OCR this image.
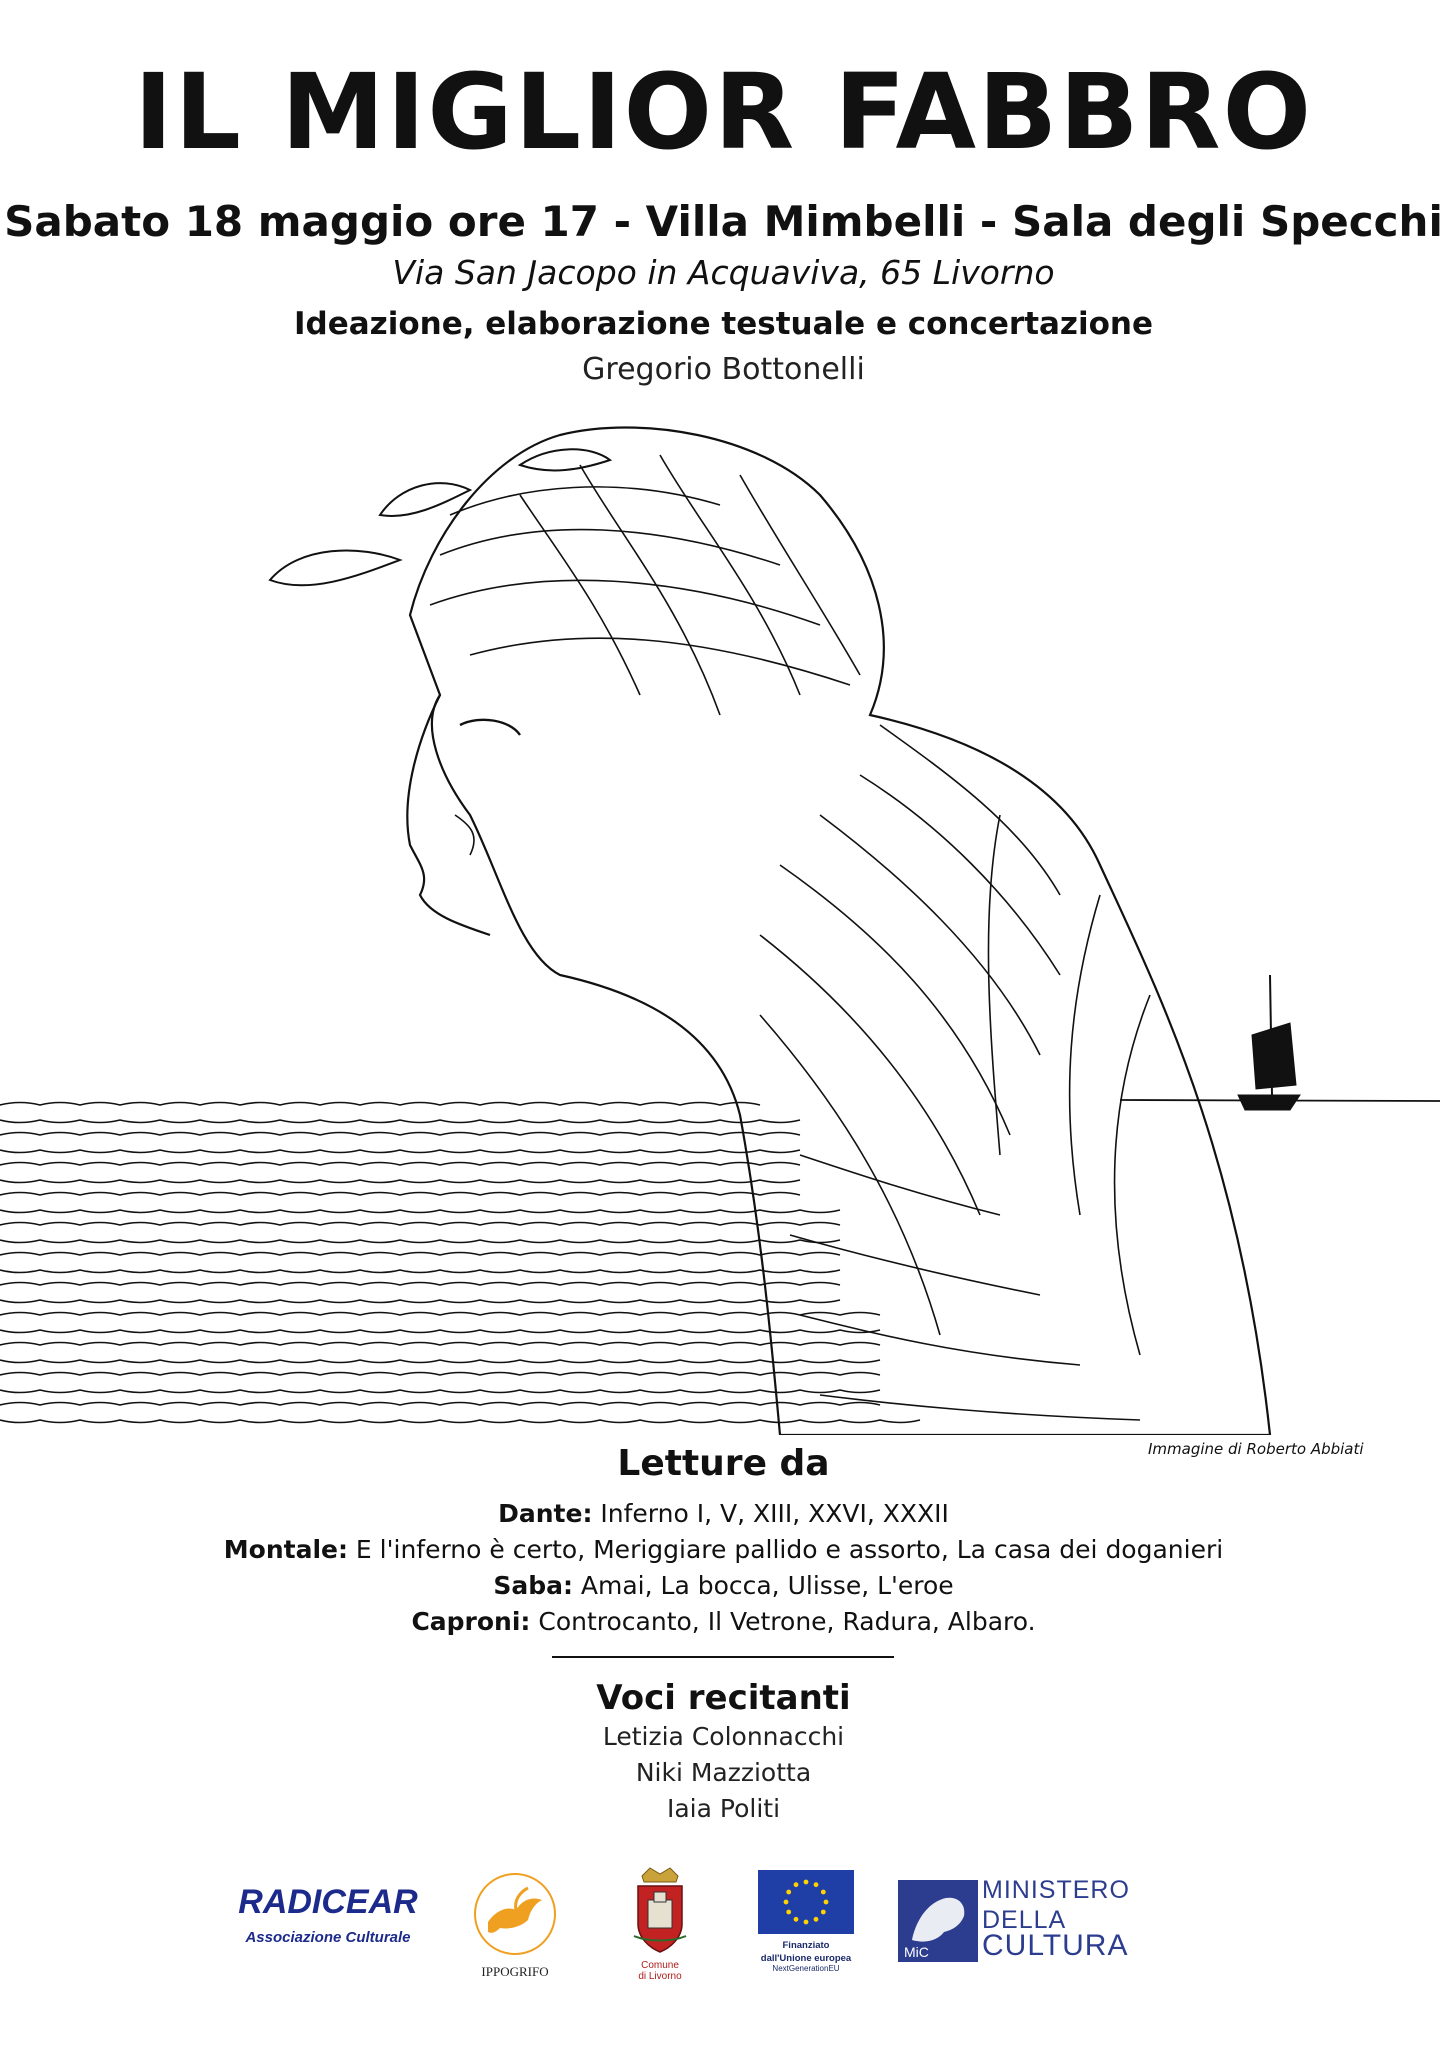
IL MIGLIOR FABBRO
Sabato 18 maggio ore 17 - Villa Mimbelli - Sala degli Specchi
Via San Jacopo in Acquaviva, 65 Livorno
Ideazione, elaborazione testuale e concertazione
Gregorio Bottonelli
Immagine di Roberto Abbiati
Letture da
Dante: Inferno I, V, XIII, XXVI, XXXII
Montale: E l'inferno è certo, Meriggiare pallido e assorto, La casa dei doganieri
Saba: Amai, La bocca, Ulisse, L'eroe
Caproni: Controcanto, Il Vetrone, Radura, Albaro.
Voci recitanti
Letizia Colonnacchi
Niki Mazziotta
Iaia Politi
RADICEAR
Associazione Culturale
IPPOGRIFO	Comune
di Livorno
Finanziato
dall'Unione europea
NextGenerationEU
MiC
MINISTERO
DELLA
CULTURA
